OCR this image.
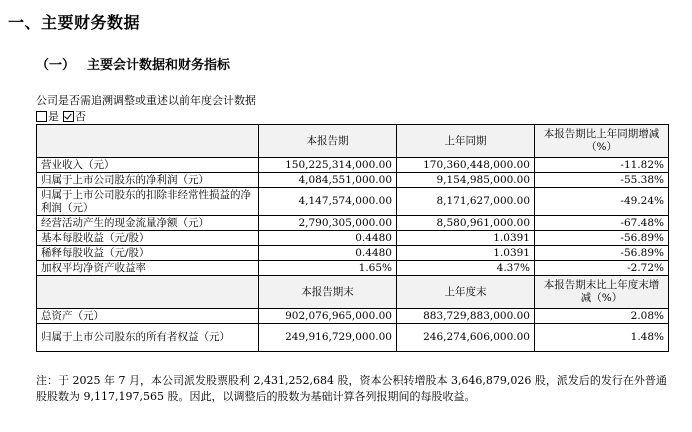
一、主要财务数据
（一） 主要会计数据和财务指标
公司是否需追溯调整或重述以前年度会计数据
是 否
	本报告期	上年同期	本报告期比上年同期增减（%）
营业收入（元）	150,225,314,000.00	170,360,448,000.00	-11.82%
归属于上市公司股东的净利润（元）	4,084,551,000.00	9,154,985,000.00	-55.38%
归属于上市公司股东的扣除非经常性损益的净利润（元）	4,147,574,000.00	8,171,627,000.00	-49.24%
经营活动产生的现金流量净额（元）	2,790,305,000.00	8,580,961,000.00	-67.48%
基本每股收益（元/股）	0.4480	1.0391	-56.89%
稀释每股收益（元/股）	0.4480	1.0391	-56.89%
加权平均净资产收益率	1.65%	4.37%	-2.72%
	本报告期末	上年度末	本报告期末比上年度末增减（%）
总资产（元）	902,076,965,000.00	883,729,883,000.00	2.08%
归属于上市公司股东的所有者权益（元）	249,916,729,000.00	246,274,606,000.00	1.48%
注：于 2025 年 7 月，本公司派发股票股利 2,431,252,684 股，资本公积转增股本 3,646,879,026 股，派发后的发行在外普通股股数为 9,117,197,565 股。因此，以调整后的股数为基础计算各列报期间的每股收益。
